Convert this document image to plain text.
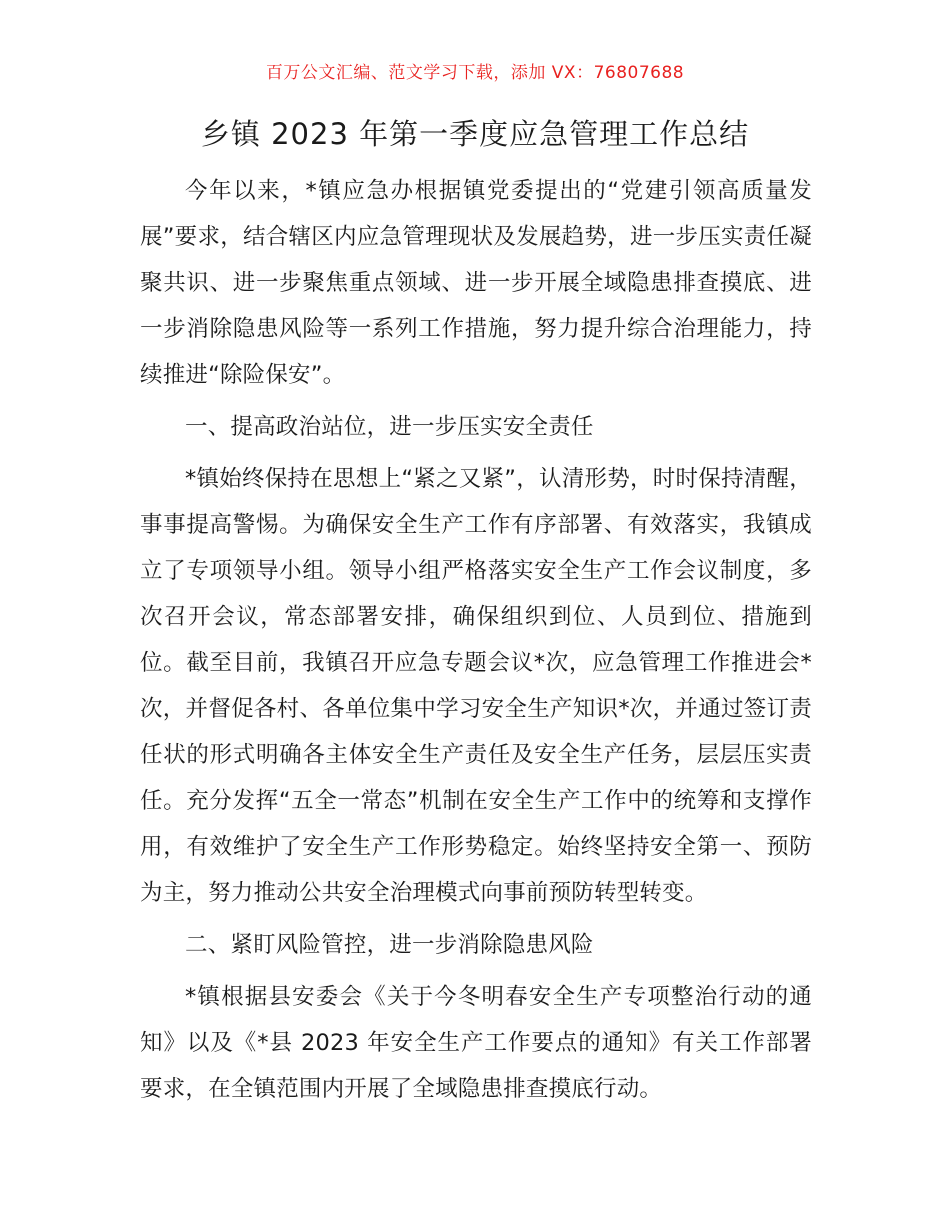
百万公文汇编、范文学习下载，添加 VX：76807688
乡镇 2023 年第一季度应急管理工作总结

今年以来，*镇应急办根据镇党委提出的“党建引领高质量发展”要求，结合辖区内应急管理现状及发展趋势，进一步压实责任凝聚共识、进一步聚焦重点领域、进一步开展全域隐患排查摸底、进一步消除隐患风险等一系列工作措施，努力提升综合治理能力，持续推进“除险保安”。

一、提高政治站位，进一步压实安全责任

*镇始终保持在思想上“紧之又紧”，认清形势，时时保持清醒，事事提高警惕。为确保安全生产工作有序部署、有效落实，我镇成立了专项领导小组。领导小组严格落实安全生产工作会议制度，多次召开会议，常态部署安排，确保组织到位、人员到位、措施到位。截至目前，我镇召开应急专题会议*次，应急管理工作推进会*次，并督促各村、各单位集中学习安全生产知识*次，并通过签订责任状的形式明确各主体安全生产责任及安全生产任务，层层压实责任。充分发挥“五全一常态”机制在安全生产工作中的统筹和支撑作用，有效维护了安全生产工作形势稳定。始终坚持安全第一、预防为主，努力推动公共安全治理模式向事前预防转型转变。

二、紧盯风险管控，进一步消除隐患风险

*镇根据县安委会《关于今冬明春安全生产专项整治行动的通知》以及《*县 2023 年安全生产工作要点的通知》有关工作部署要求，在全镇范围内开展了全域隐患排查摸底行动。
